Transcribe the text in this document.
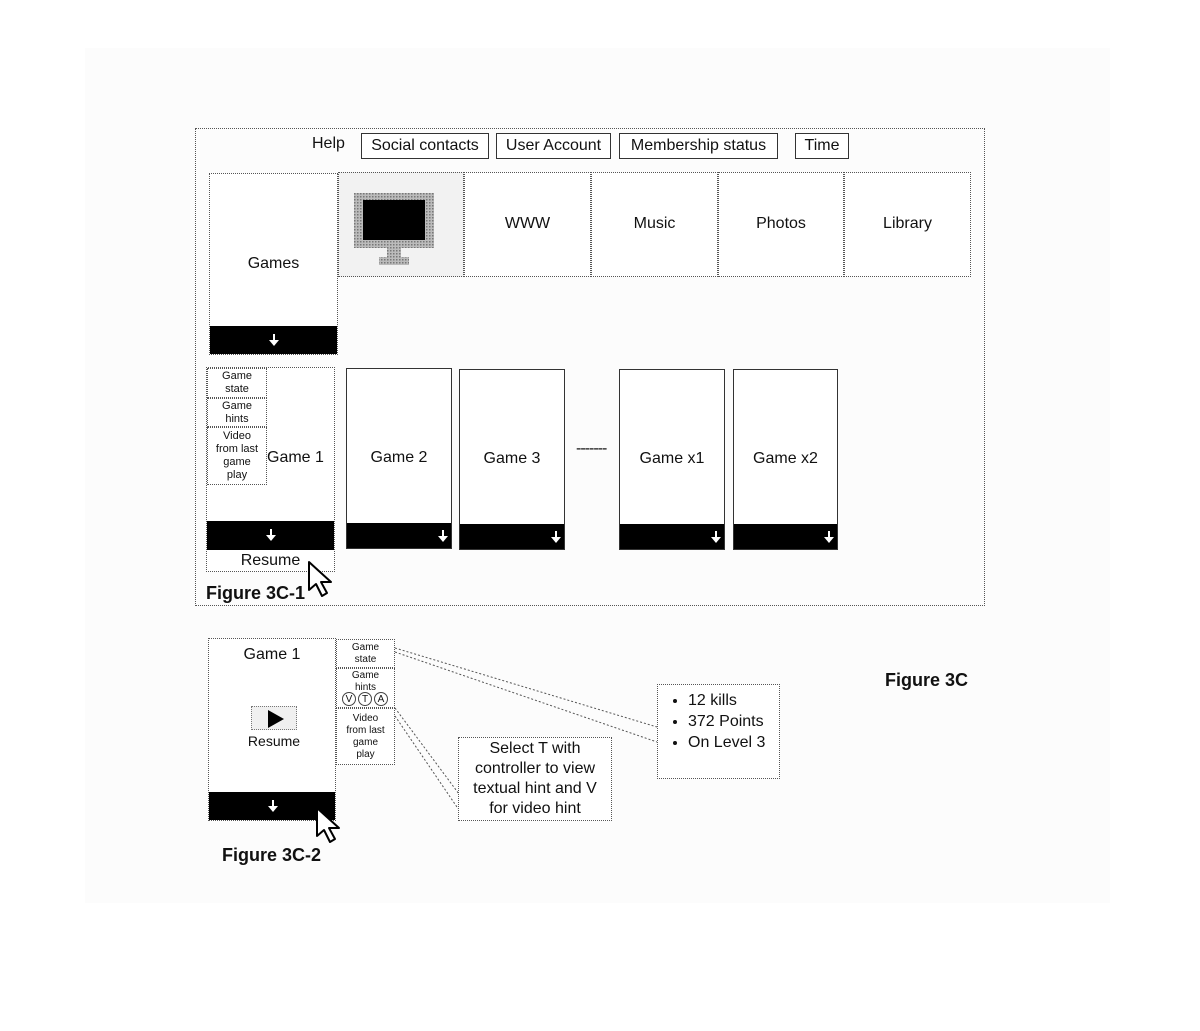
Help	Social contacts	User Account	Membership status	Time
Games
WWW	Music	Photos	Library
Game 1
Resume
Game state
Game hints
Video from last game play
Game 2	Game 3
-------
Game x1	Game x2
Figure 3C-1
Game 1
Resume
Game state
Game hints
V T A
Video from last game play
• 12 kills
• 372 Points
• On Level 3
Select T with controller to view textual hint and V for video hint
Figure 3C-2
Figure 3C
